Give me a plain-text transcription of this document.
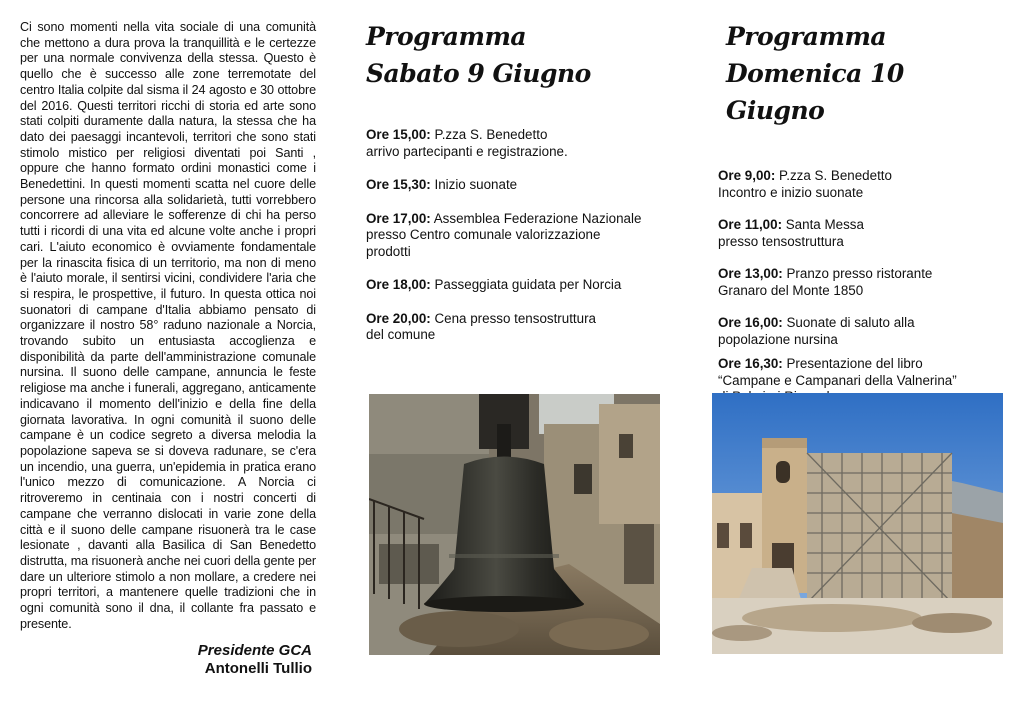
Ci sono momenti nella vita sociale di una comunità che mettono a dura prova la tranquillità e le certezze per una normale convivenza della stessa. Questo è quello che è successo alle zone terremotate del centro Italia colpite dal sisma il 24 agosto e 30 ottobre del 2016. Questi territori ricchi di storia ed arte sono stati colpiti duramente dalla natura, la stessa che ha dato dei paesaggi incantevoli, territori che sono stati stimolo mistico per religiosi diventati poi Santi , oppure che hanno formato ordini monastici come i Benedettini. In questi momenti scatta nel cuore delle persone una rincorsa alla solidarietà, tutti vorrebbero concorrere ad alleviare le sofferenze di chi ha perso tutti i ricordi di una vita ed alcune volte anche i propri cari. L'aiuto economico è ovviamente fondamentale per la rinascita fisica di un territorio, ma non di meno è l'aiuto morale, il sentirsi vicini, condividere l'aria che si respira, le prospettive, il futuro. In questa ottica noi suonatori di campane d'Italia abbiamo pensato di organizzare il nostro 58° raduno nazionale a Norcia, trovando subito un entusiasta accoglienza e disponibilità da parte dell'amministrazione comunale nursina. Il suono delle campane, annuncia le feste religiose ma anche i funerali, aggregano, anticamente indicavano il momento dell'inizio e della fine della giornata lavorativa. In ogni comunità il suono delle campane è un codice segreto a diversa melodia la popolazione sapeva se si doveva radunare, se c'era un incendio, una guerra, un'epidemia in pratica erano l'unico mezzo di comunicazione. A Norcia ci ritroveremo in centinaia con i nostri concerti di campane che verranno dislocati in varie zone della città e il suono delle campane risuonerà tra le case lesionate , davanti alla Basilica di San Benedetto distrutta, ma risuonerà anche nei cuori della gente per dare un ulteriore stimolo a non mollare, a credere nei propri territori, a mantenere quelle tradizioni che in ogni comunità sono il dna, il collante fra passato e presente.

Presidente GCA
Antonelli Tullio
Programma
Sabato 9 Giugno
Ore 15,00: P.zza S. Benedetto
arrivo partecipanti e registrazione.
Ore 15,30: Inizio suonate
Ore 17,00: Assemblea Federazione Nazionale
presso Centro comunale valorizzazione
prodotti
Ore 18,00: Passeggiata guidata per Norcia
Ore 20,00: Cena presso tensostruttura
del comune
Programma
Domenica 10 Giugno
Ore 9,00: P.zza S. Benedetto
Incontro e inizio suonate
Ore 11,00: Santa Messa
presso tensostruttura
Ore 13,00: Pranzo presso ristorante
Granaro del Monte 1850
Ore 16,00: Suonate di saluto alla
popolazione nursina
Ore 16,30: Presentazione del libro
“Campane e Campanari della Valnerina”
